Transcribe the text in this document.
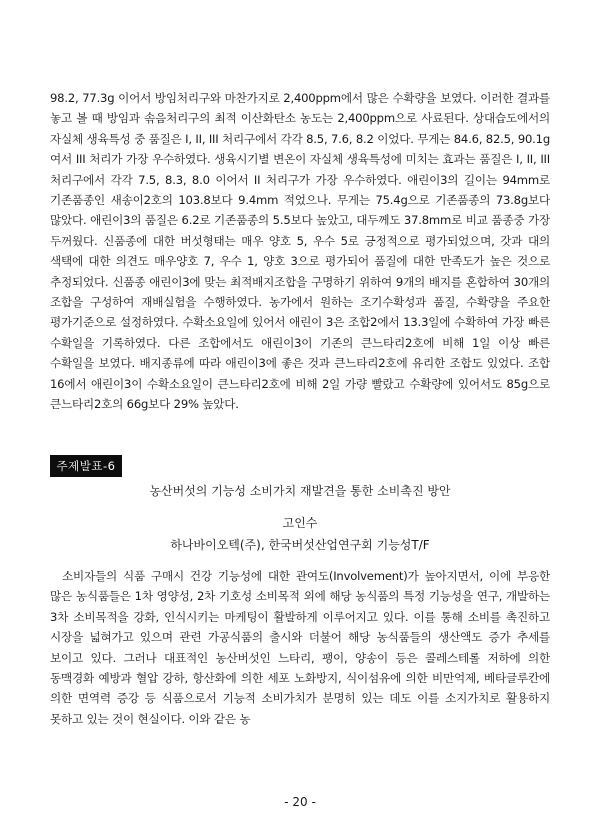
98.2, 77.3g 이어서 방임처리구와 마찬가지로 2,400ppm에서 많은 수확량을 보였다. 이러한 결과를 놓고 볼 때 방임과 솎음처리구의 최적 이산화탄소 농도는 2,400ppm으로 사료된다. 상대습도에서의 자실체 생육특성 중 품질은 I, II, III 처리구에서 각각 8.5, 7.6, 8.2 이었다. 무게는 84.6, 82.5, 90.1g 여서 III 처리가 가장 우수하였다. 생육시기별 변온이 자실체 생육특성에 미치는 효과는 품질은 I, II, III 처리구에서 각각 7.5, 8.3, 8.0 이어서 II 처리구가 가장 우수하였다. 애린이3의 길이는 94mm로 기존품종인 새송이2호의 103.8보다 9.4mm 적었으나. 무게는 75.4g으로 기존품종의 73.8g보다 많았다. 애린이3의 품질은 6.2로 기존품종의 5.5보다 높았고, 대두께도 37.8mm로 비교 품종중 가장 두꺼웠다. 신품종에 대한 버섯형태는 매우 양호 5, 우수 5로 긍정적으로 평가되었으며, 갓과 대의 색택에 대한 의견도 매우양호 7, 우수 1, 양호 3으로 평가되어 품질에 대한 만족도가 높은 것으로 추정되었다. 신품종 애린이3에 맞는 최적배지조합을 구명하기 위하여 9개의 배지를 혼합하여 30개의 조합을 구성하여 재배실험을 수행하였다. 농가에서 원하는 조기수확성과 품질, 수확량을 주요한 평가기준으로 설정하였다. 수확소요일에 있어서 애린이 3은 조합2에서 13.3일에 수확하여 가장 빠른 수확일을 기록하였다. 다른 조합에서도 애린이3이 기존의 큰느타리2호에 비해 1일 이상 빠른 수확일을 보였다. 배지종류에 따라 애린이3에 좋은 것과 큰느타리2호에 유리한 조합도 있었다. 조합 16에서 애린이3이 수확소요일이 큰느타리2호에 비해 2일 가량 빨랐고 수확량에 있어서도 85g으로 큰느타리2호의 66g보다 29% 높았다.

주제발표-6

농산버섯의 기능성 소비가치 재발견을 통한 소비촉진 방안

고인수

하나바이오텍(주), 한국버섯산업연구회 기능성T/F

소비자들의 식품 구매시 건강 기능성에 대한 관여도(Involvement)가 높아지면서, 이에 부응한 많은 농식품들은 1차 영양성, 2차 기호성 소비목적 외에 해당 농식품의 특정 기능성을 연구, 개발하는 3차 소비목적을 강화, 인식시키는 마케팅이 활발하게 이루어지고 있다. 이를 통해 소비를 촉진하고 시장을 넓혀가고 있으며 관련 가공식품의 출시와 더불어 해당 농식품들의 생산액도 증가 추세를 보이고 있다. 그러나 대표적인 농산버섯인 느타리, 팽이, 양송이 등은 콜레스테롤 저하에 의한 동맥경화 예방과 혈압 강하, 항산화에 의한 세포 노화방지, 식이섬유에 의한 비만억제, 베타글루칸에 의한 면역력 증강 등 식품으로서 기능적 소비가치가 분명히 있는 데도 이를 소지가치로 활용하지 못하고 있는 것이 현실이다. 이와 같은 농

- 20 -
